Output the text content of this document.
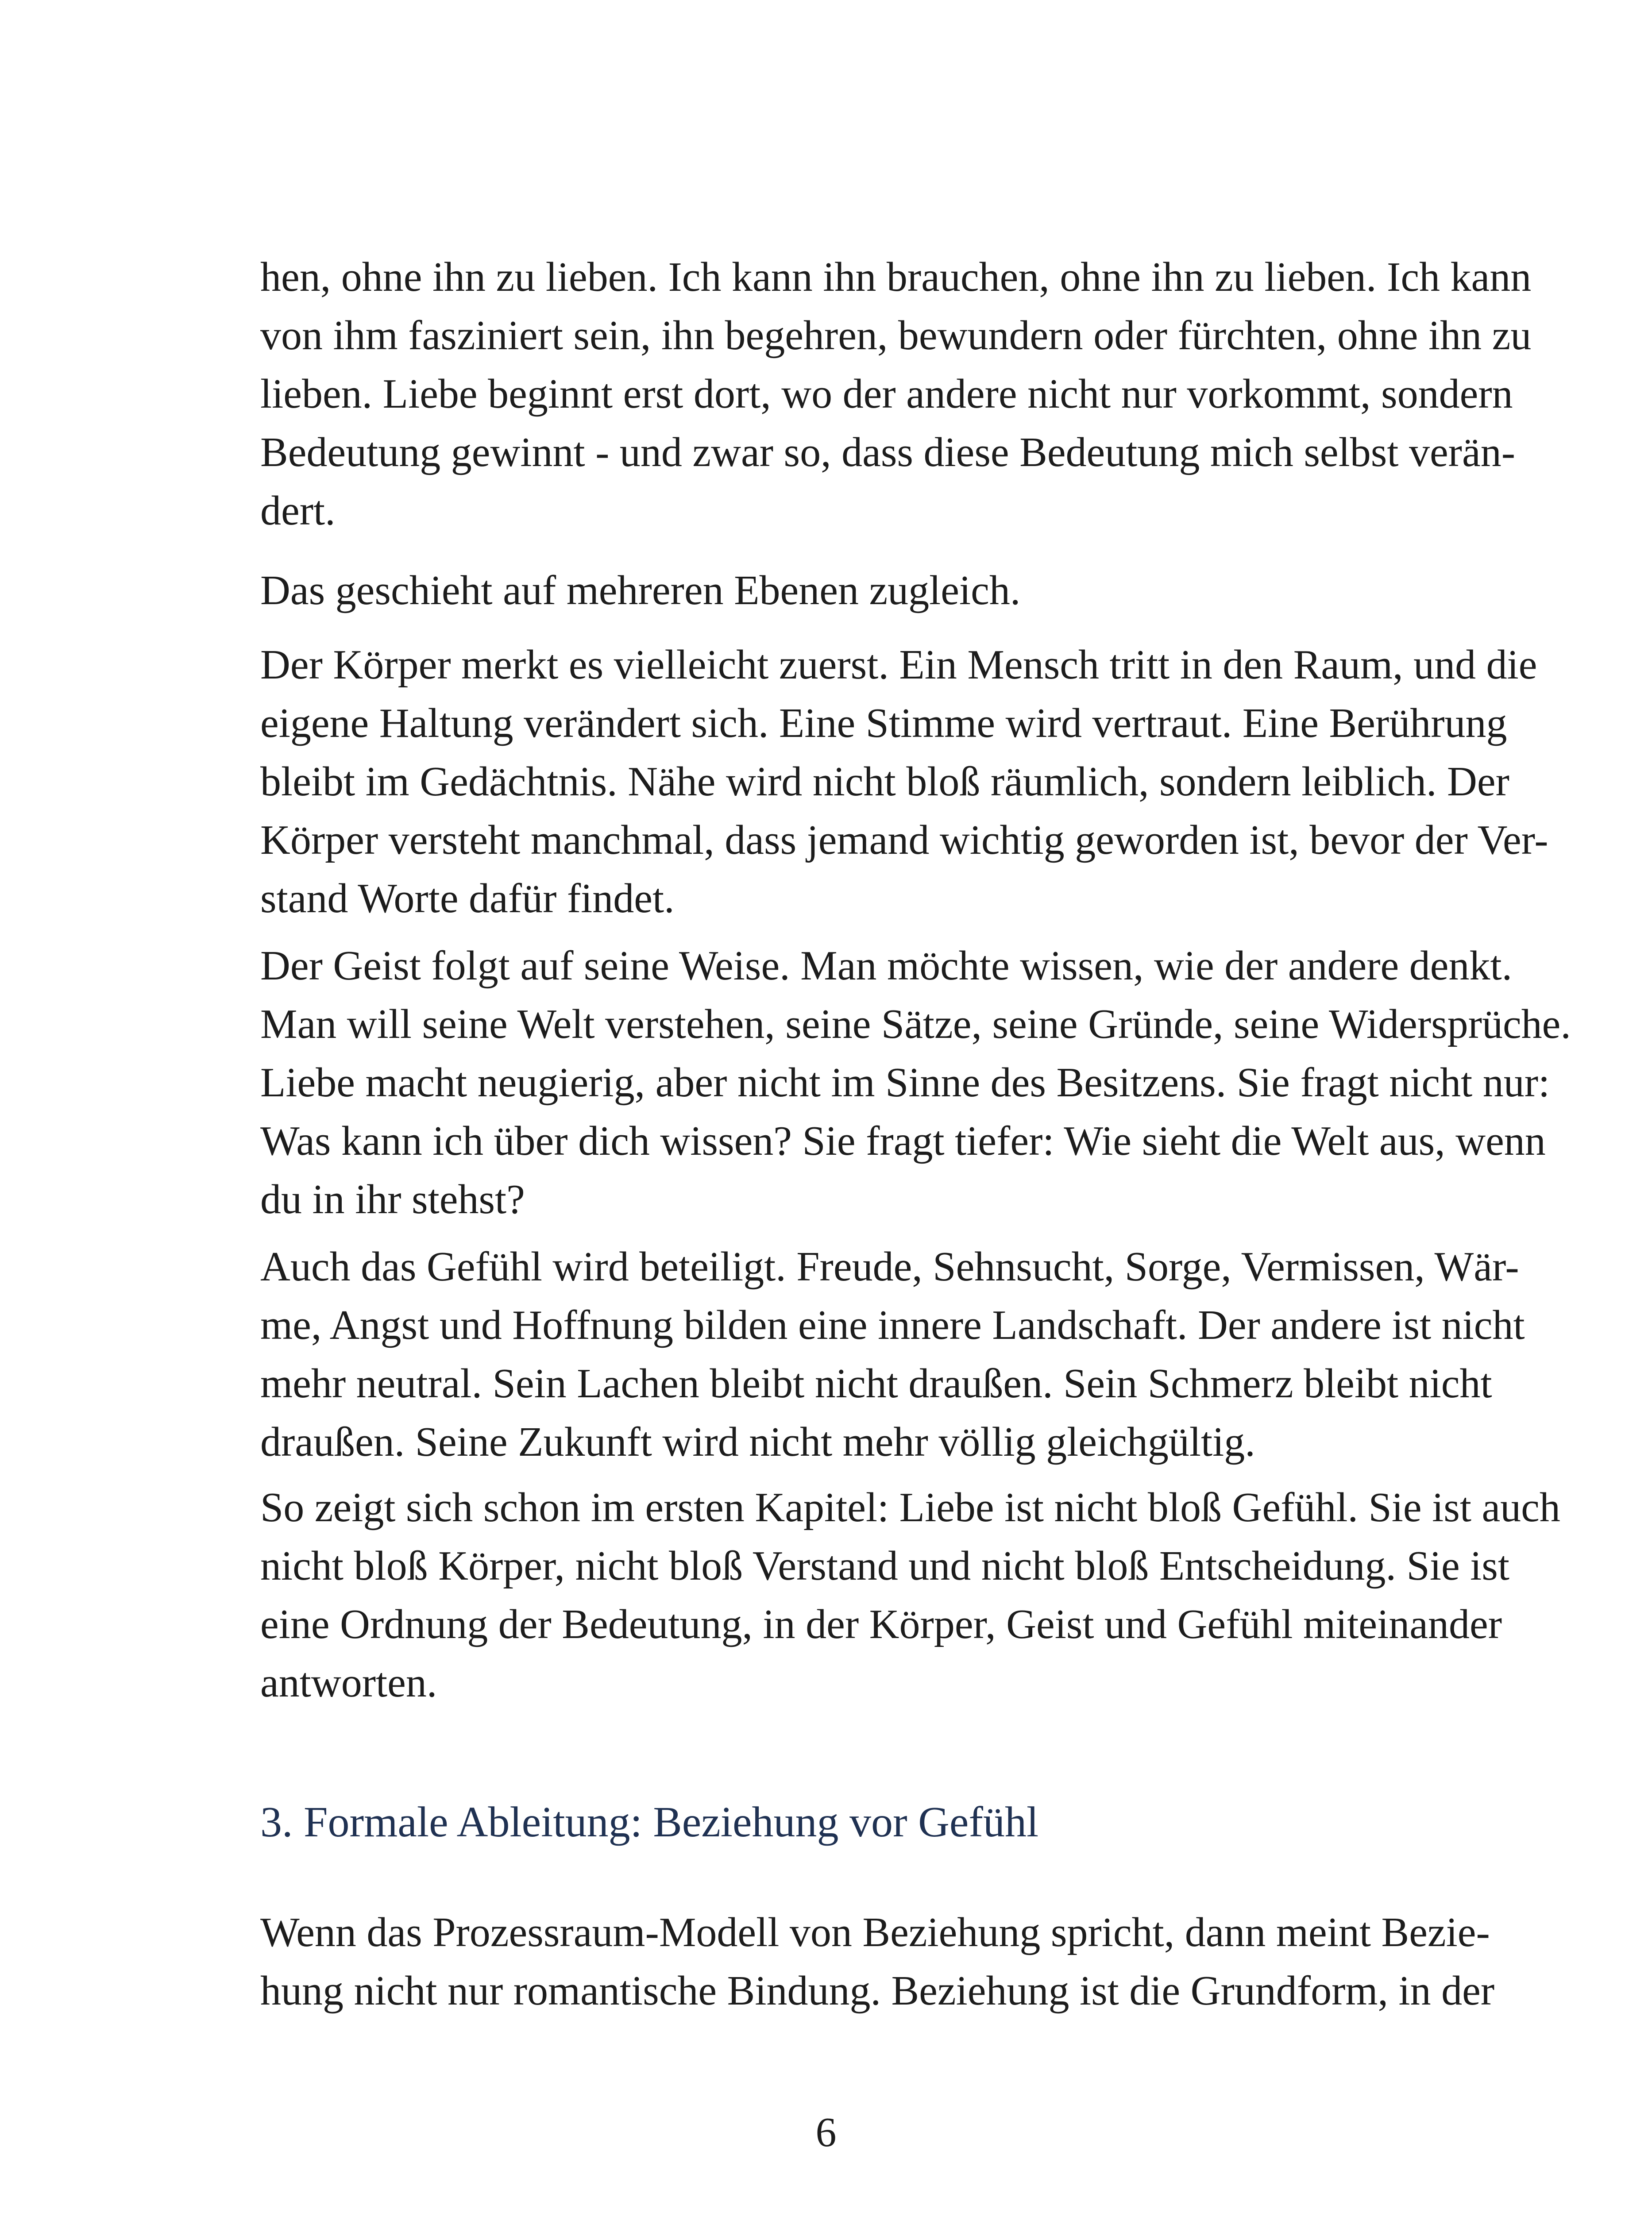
hen, ohne ihn zu lieben. Ich kann ihn brauchen, ohne ihn zu lieben. Ich kann
von ihm fasziniert sein, ihn begehren, bewundern oder fürchten, ohne ihn zu
lieben. Liebe beginnt erst dort, wo der andere nicht nur vorkommt, sondern
Bedeutung gewinnt - und zwar so, dass diese Bedeutung mich selbst verän-
dert.
Das geschieht auf mehreren Ebenen zugleich.
Der Körper merkt es vielleicht zuerst. Ein Mensch tritt in den Raum, und die
eigene Haltung verändert sich. Eine Stimme wird vertraut. Eine Berührung
bleibt im Gedächtnis. Nähe wird nicht bloß räumlich, sondern leiblich. Der
Körper versteht manchmal, dass jemand wichtig geworden ist, bevor der Ver-
stand Worte dafür findet.
Der Geist folgt auf seine Weise. Man möchte wissen, wie der andere denkt.
Man will seine Welt verstehen, seine Sätze, seine Gründe, seine Widersprüche.
Liebe macht neugierig, aber nicht im Sinne des Besitzens. Sie fragt nicht nur:
Was kann ich über dich wissen? Sie fragt tiefer: Wie sieht die Welt aus, wenn
du in ihr stehst?
Auch das Gefühl wird beteiligt. Freude, Sehnsucht, Sorge, Vermissen, Wär-
me, Angst und Hoffnung bilden eine innere Landschaft. Der andere ist nicht
mehr neutral. Sein Lachen bleibt nicht draußen. Sein Schmerz bleibt nicht
draußen. Seine Zukunft wird nicht mehr völlig gleichgültig.
So zeigt sich schon im ersten Kapitel: Liebe ist nicht bloß Gefühl. Sie ist auch
nicht bloß Körper, nicht bloß Verstand und nicht bloß Entscheidung. Sie ist
eine Ordnung der Bedeutung, in der Körper, Geist und Gefühl miteinander
antworten.
3. Formale Ableitung: Beziehung vor Gefühl
Wenn das Prozessraum-Modell von Beziehung spricht, dann meint Bezie-
hung nicht nur romantische Bindung. Beziehung ist die Grundform, in der
6
